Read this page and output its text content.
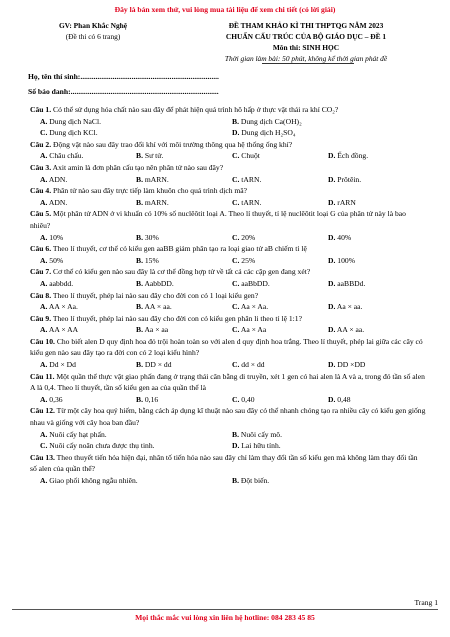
Đây là bản xem thử, vui lòng mua tài liệu để xem chi tiết (có lời giải)
GV: Phan Khắc Nghệ
(Đề thi có 6 trang)
ĐỀ THAM KHẢO KÌ THI THPTQG NĂM 2023
CHUẨN CẤU TRÚC CỦA BỘ GIÁO DỤC – ĐỀ 1
Môn thi: SINH HỌC
Thời gian làm bài: 50 phút, không kể thời gian phát đề
Họ, tên thí sinh:.........................................................................
Số báo danh:..............................................................................

Câu 1. Có thể sử dụng hóa chất nào sau đây để phát hiện quá trình hô hấp ở thực vật thải ra khí CO₂?

A. Dung dịch NaCl.	B. Dung dịch Ca(OH)₂
C. Dung dịch KCl.	D. Dung dịch H₂SO₄

Câu 2. Động vật nào sau đây trao đổi khí với môi trường thông qua hệ thống ống khí?

A. Châu chấu.	B. Sư tử.	C. Chuột	D. Ếch đồng.

Câu 3. Axit amin là đơn phân cấu tạo nên phân tử nào sau đây?

A. ADN.	B. mARN.	C. tARN.	D. Prôtêin.

Câu 4. Phân tử nào sau đây trực tiếp làm khuôn cho quá trình dịch mã?

A. ADN.	B. mARN.	C. tARN.	D. rARN

Câu 5. Một phân tử ADN ở vi khuẩn có 10% số nuclêôtit loại A. Theo lí thuyết, tỉ lệ nuclêôtit loại G của phân tử này là bao nhiêu?

A. 10%	B. 30%	C. 20%	D. 40%

Câu 6. Theo lí thuyết, cơ thể có kiểu gen aaBB giảm phân tạo ra loại giao tử aB chiếm tỉ lệ

A. 50%	B. 15%	C. 25%	D. 100%

Câu 7. Cơ thể có kiểu gen nào sau đây là cơ thể đồng hợp tử về tất cả các cặp gen đang xét?

A. aabbdd.	B. AabbDD.	C. aaBbDD.	D. aaBBDd.

Câu 8. Theo lí thuyết, phép lai nào sau đây cho đời con có 1 loại kiểu gen?

A. AA × Aa.	B. AA × aa.	C. Aa × Aa.	D. Aa × aa.

Câu 9. Theo lí thuyết, phép lai nào sau đây cho đời con có kiểu gen phân li theo tỉ lệ 1:1?

A. AA × AA	B. Aa × aa	C. Aa × Aa	D. AA × aa.

Câu 10. Cho biết alen D quy định hoa đỏ trội hoàn toàn so với alen d quy định hoa trắng. Theo lí thuyết, phép lai giữa các cây có kiểu gen nào sau đây tạo ra đời con có 2 loại kiểu hình?

A. Dd × Dd	B. DD × dd	C. dd × dd	D. DD ×DD

Câu 11. Một quần thể thực vật giao phấn đang ở trạng thái cân bằng di truyền, xét 1 gen có hai alen là A và a, trong đó tần số alen A là 0,4. Theo lí thuyết, tần số kiểu gen aa của quần thể là

A. 0,36	B. 0,16	C. 0,40	D. 0,48

Câu 12. Từ một cây hoa quý hiếm, bằng cách áp dụng kĩ thuật nào sau đây có thể nhanh chóng tạo ra nhiều cây có kiểu gen giống nhau và giống với cây hoa ban đầu?

A. Nuôi cấy hạt phấn.	B. Nuôi cấy mô.
C. Nuôi cấy noãn chưa được thụ tinh.	D. Lai hữu tính.

Câu 13. Theo thuyết tiến hóa hiện đại, nhân tố tiến hóa nào sau đây chỉ làm thay đổi tần số kiểu gen mà không làm thay đổi tần số alen của quần thể?

A. Giao phối không ngẫu nhiên.	B. Đột biến.
Trang 1
Mọi thắc mắc vui lòng xin liên hệ hotline: 084 283 45 85
